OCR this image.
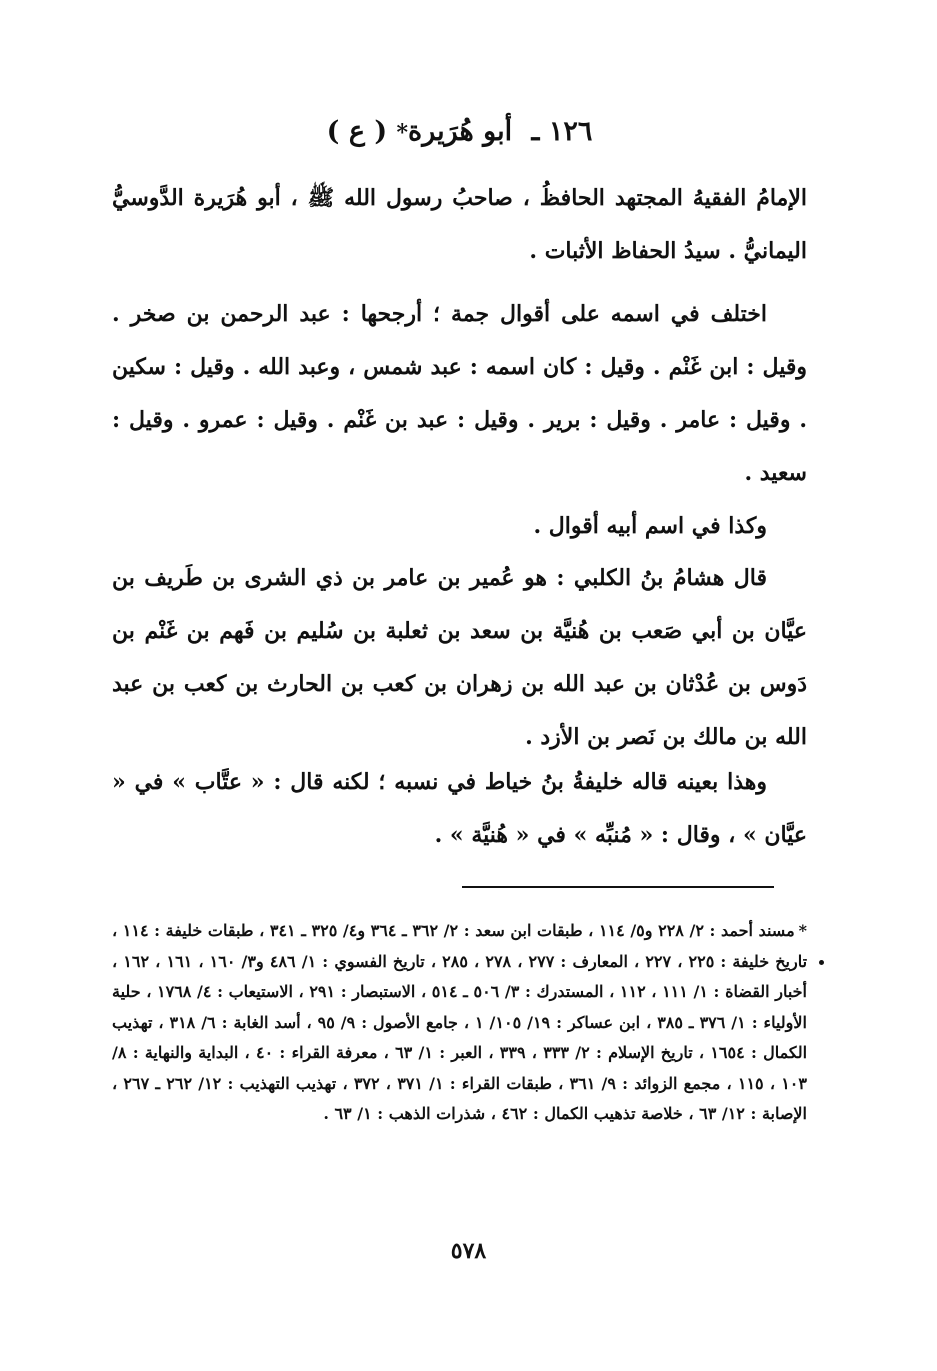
١٢٦ ـ أبو هُرَيرة* ( ع )

الإمامُ الفقيهُ المجتهد الحافظُ ، صاحبُ رسول الله ﷺ ، أبو هُرَيرة الدَّوسيُّ اليمانيُّ . سيدُ الحفاظ الأثبات .

اختلف في اسمه على أقوال جمة ؛ أرجحها : عبد الرحمن بن صخر . وقيل : ابن غَنْم . وقيل : كان اسمه : عبد شمس ، وعبد الله . وقيل : سكين . وقيل : عامر . وقيل : برير . وقيل : عبد بن غَنْم . وقيل : عمرو . وقيل : سعيد .

وكذا في اسم أبيه أقوال .

قال هشامُ بنُ الكلبي : هو عُمير بن عامر بن ذي الشرى بن طَريف بن عيَّان بن أبي صَعب بن هُنيَّة بن سعد بن ثعلبة بن سُليم بن فَهم بن غَنْم بن دَوس بن عُدْثان بن عبد الله بن زهران بن كعب بن الحارث بن كعب بن عبد الله بن مالك بن نَصر بن الأزد .

وهذا بعينه قاله خليفةُ بنُ خياط في نسبه ؛ لكنه قال : « عتَّاب » في « عيَّان » ، وقال : « مُنبِّه » في « هُنيَّة » .

*مسند أحمد : ٢/ ٢٢٨ و٥/ ١١٤ ، طبقات ابن سعد : ٢/ ٣٦٢ ـ ٣٦٤ و٤/ ٣٢٥ ـ ٣٤١ ، طبقات خليفة : ١١٤ ، تاريخ خليفة : ٢٢٥ ، ٢٢٧ ، المعارف : ٢٧٧ ، ٢٧٨ ، ٢٨٥ ، تاريخ الفسوي : ١/ ٤٨٦ و٣/ ١٦٠ ، ١٦١ ، ١٦٢ ، أخبار القضاة : ١/ ١١١ ، ١١٢ ، المستدرك : ٣/ ٥٠٦ ـ ٥١٤ ، الاستبصار : ٢٩١ ، الاستيعاب : ٤/ ١٧٦٨ ، حلية الأولياء : ١/ ٣٧٦ ـ ٣٨٥ ، ابن عساكر : ١٩/ ١٠٥/ ١ ، جامع الأصول : ٩/ ٩٥ ، أسد الغابة : ٦/ ٣١٨ ، تهذيب الكمال : ١٦٥٤ ، تاريخ الإسلام : ٢/ ٣٣٣ ، ٣٣٩ ، العبر : ١/ ٦٣ ، معرفة القراء : ٤٠ ، البداية والنهاية : ٨/ ١٠٣ ، ١١٥ ، مجمع الزوائد : ٩/ ٣٦١ ، طبقات القراء : ١/ ٣٧١ ، ٣٧٢ ، تهذيب التهذيب : ١٢/ ٢٦٢ ـ ٢٦٧ ، الإصابة : ١٢/ ٦٣ ، خلاصة تذهيب الكمال : ٤٦٢ ، شذرات الذهب : ١/ ٦٣ .

٥٧٨
